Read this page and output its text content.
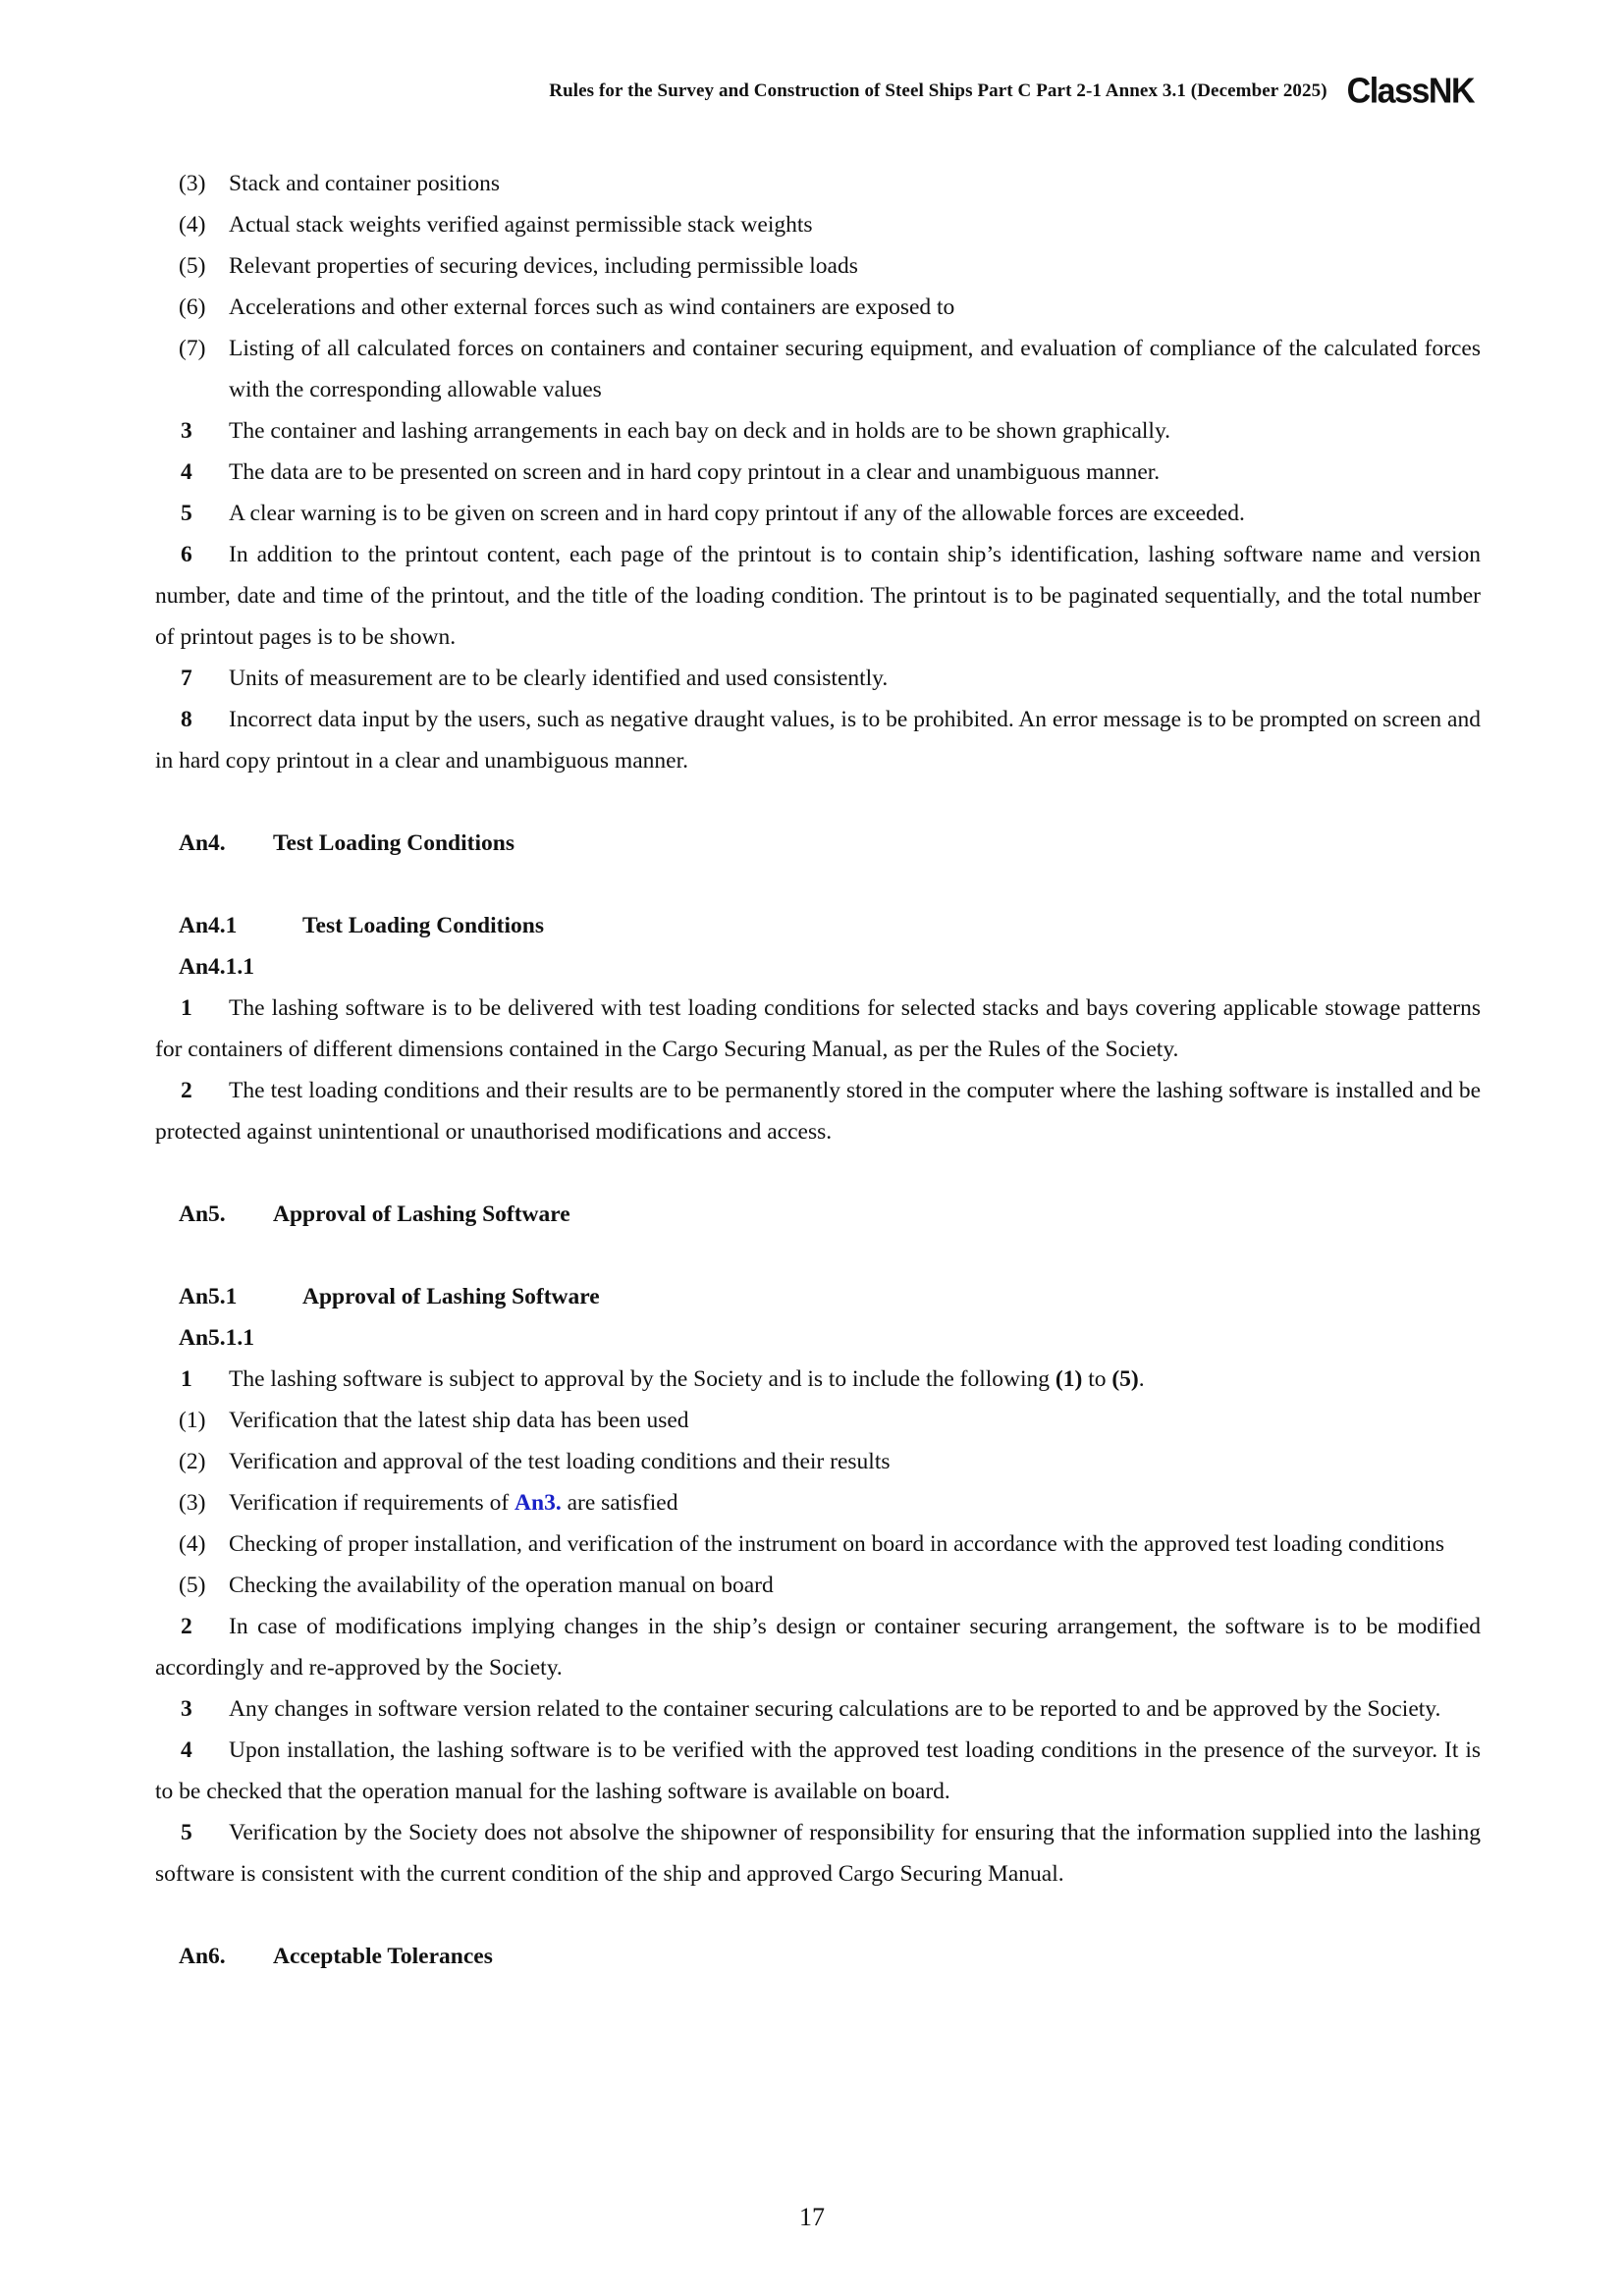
Rules for the Survey and Construction of Steel Ships Part C Part 2-1 Annex 3.1 (December 2025) ClassNK
(3)	Stack and container positions
(4)	Actual stack weights verified against permissible stack weights
(5)	Relevant properties of securing devices, including permissible loads
(6)	Accelerations and other external forces such as wind containers are exposed to
(7)	Listing of all calculated forces on containers and container securing equipment, and evaluation of compliance of the calculated forces with the corresponding allowable values
3	The container and lashing arrangements in each bay on deck and in holds are to be shown graphically.
4	The data are to be presented on screen and in hard copy printout in a clear and unambiguous manner.
5	A clear warning is to be given on screen and in hard copy printout if any of the allowable forces are exceeded.
6 In addition to the printout content, each page of the printout is to contain ship’s identification, lashing software name and version number, date and time of the printout, and the title of the loading condition. The printout is to be paginated sequentially, and the total number of printout pages is to be shown.
7	Units of measurement are to be clearly identified and used consistently.
8 Incorrect data input by the users, such as negative draught values, is to be prohibited. An error message is to be prompted on screen and in hard copy printout in a clear and unambiguous manner.
An4.	Test Loading Conditions
An4.1	Test Loading Conditions
An4.1.1
1 The lashing software is to be delivered with test loading conditions for selected stacks and bays covering applicable stowage patterns for containers of different dimensions contained in the Cargo Securing Manual, as per the Rules of the Society.
2 The test loading conditions and their results are to be permanently stored in the computer where the lashing software is installed and be protected against unintentional or unauthorised modifications and access.
An5.	Approval of Lashing Software
An5.1	Approval of Lashing Software
An5.1.1
1	The lashing software is subject to approval by the Society and is to include the following (1) to (5).
(1)	Verification that the latest ship data has been used
(2)	Verification and approval of the test loading conditions and their results
(3)	Verification if requirements of An3. are satisfied
(4)	Checking of proper installation, and verification of the instrument on board in accordance with the approved test loading conditions
(5)	Checking the availability of the operation manual on board
2 In case of modifications implying changes in the ship’s design or container securing arrangement, the software is to be modified accordingly and re-approved by the Society.
3 Any changes in software version related to the container securing calculations are to be reported to and be approved by the Society.
4 Upon installation, the lashing software is to be verified with the approved test loading conditions in the presence of the surveyor. It is to be checked that the operation manual for the lashing software is available on board.
5 Verification by the Society does not absolve the shipowner of responsibility for ensuring that the information supplied into the lashing software is consistent with the current condition of the ship and approved Cargo Securing Manual.
An6.	Acceptable Tolerances
17
